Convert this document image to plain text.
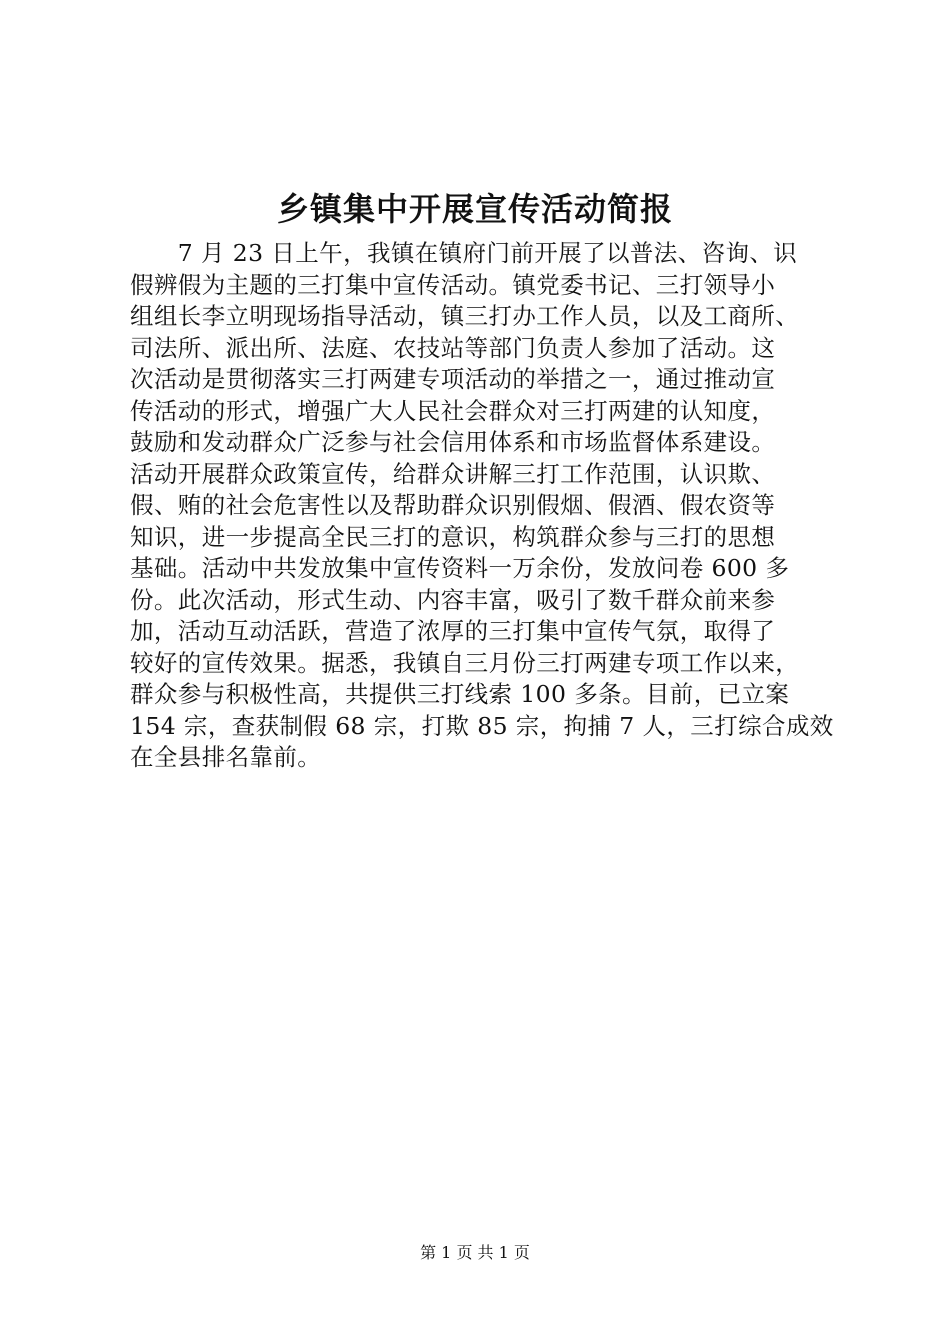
乡镇集中开展宣传活动简报
　　7 月 23 日上午，我镇在镇府门前开展了以普法、咨询、识
假辨假为主题的三打集中宣传活动。镇党委书记、三打领导小
组组长李立明现场指导活动，镇三打办工作人员，以及工商所、
司法所、派出所、法庭、农技站等部门负责人参加了活动。这
次活动是贯彻落实三打两建专项活动的举措之一，通过推动宣
传活动的形式，增强广大人民社会群众对三打两建的认知度，
鼓励和发动群众广泛参与社会信用体系和市场监督体系建设。
活动开展群众政策宣传，给群众讲解三打工作范围，认识欺、
假、贿的社会危害性以及帮助群众识别假烟、假酒、假农资等
知识，进一步提高全民三打的意识，构筑群众参与三打的思想
基础。活动中共发放集中宣传资料一万余份，发放问卷 600 多
份。此次活动，形式生动、内容丰富，吸引了数千群众前来参
加，活动互动活跃，营造了浓厚的三打集中宣传气氛，取得了
较好的宣传效果。据悉，我镇自三月份三打两建专项工作以来，
群众参与积极性高，共提供三打线索 100 多条。目前，已立案
154 宗，查获制假 68 宗，打欺 85 宗，拘捕 7 人，三打综合成效
在全县排名靠前。
第 1 页 共 1 页
